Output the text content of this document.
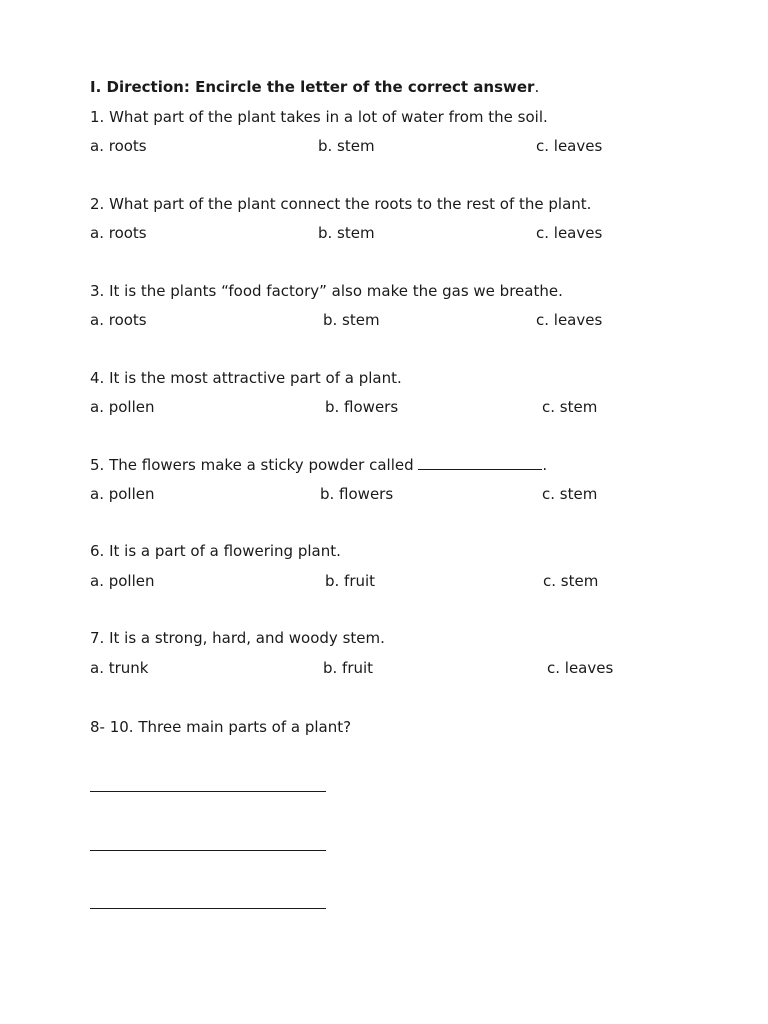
I. Direction: Encircle the letter of the correct answer.
1. What part of the plant takes in a lot of water from the soil.
a. roots	b. stem	c. leaves
2. What part of the plant connect the roots to the rest of the plant.
a. roots	b. stem	c. leaves
3. It is the plants “food factory” also make the gas we breathe.
a. roots	b. stem	c. leaves
4. It is the most attractive part of a plant.
a. pollen	b. flowers	c. stem
5. The flowers make a sticky powder called	.
a. pollen	b. flowers	c. stem
6. It is a part of a flowering plant.
a. pollen	b. fruit	c. stem
7. It is a strong, hard, and woody stem.
a. trunk	b. fruit	c. leaves
8- 10. Three main parts of a plant?
